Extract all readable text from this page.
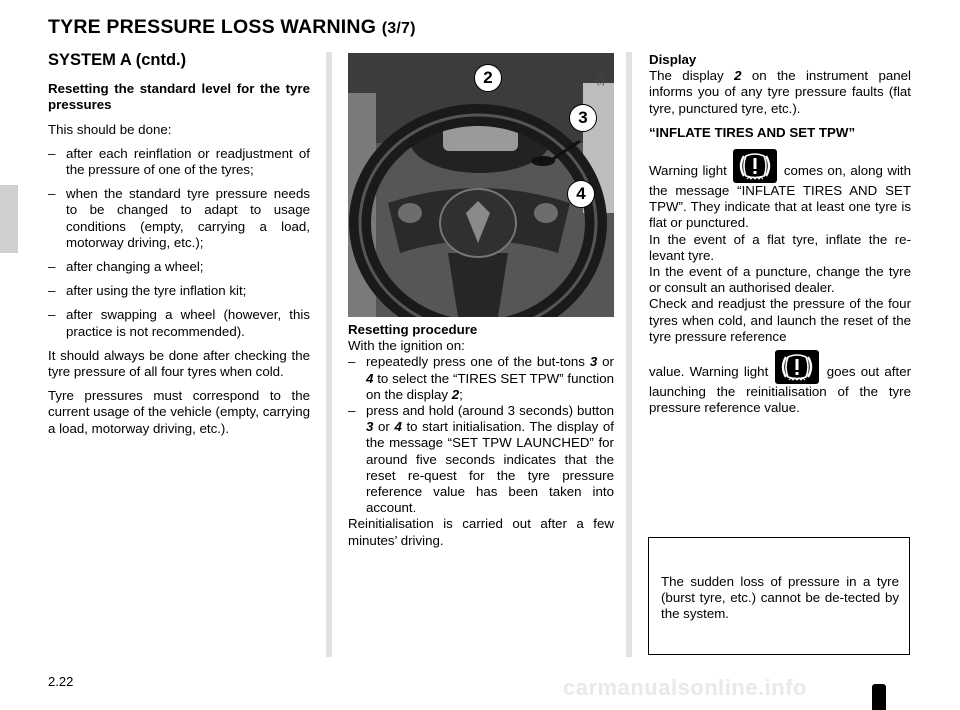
TYRE PRESSURE LOSS WARNING (3/7)
SYSTEM A (cntd.)

Resetting the standard level for the tyre pressures

This should be done:

– after each reinflation or readjustment of the pressure of one of the tyres;
– when the standard tyre pressure needs to be changed to adapt to usage conditions (empty, carrying a load, motorway driving, etc.);
– after changing a wheel;
– after using the tyre inflation kit;
– after swapping a wheel (however, this practice is not recommended).

It should always be done after checking the tyre pressure of all four tyres when cold.

Tyre pressures must correspond to the current usage of the vehicle (empty, carrying a load, motorway driving, etc.).

35571
2
3
4

Resetting procedure

With the ignition on:

– repeatedly press one of the but-tons 3 or 4 to select the “TIRES SET TPW” function on the display 2;
– press and hold (around 3 seconds) button 3 or 4 to start initialisation. The display of the message “SET TPW LAUNCHED” for around five seconds indicates that the reset re-quest for the tyre pressure reference value has been taken into account.

Reinitialisation is carried out after a few minutes’ driving.

Display

The display 2 on the instrument panel informs you of any tyre pressure faults (flat tyre, punctured tyre, etc.).

“INFLATE TIRES AND SET TPW”

Warning light	comes on, along with the message “INFLATE TIRES AND SET TPW”. They indicate that at least one tyre is flat or punctured.

In the event of a flat tyre, inflate the re-levant tyre.

In the event of a puncture, change the tyre or consult an authorised dealer.

Check and readjust the pressure of the four tyres when cold, and launch the reset of the tyre pressure reference

value. Warning light	goes out after launching the reinitialisation of the tyre pressure reference value.

The sudden loss of pressure in a tyre (burst tyre, etc.) cannot be de-tected by the system.

2.22	carmanualsonline.info
